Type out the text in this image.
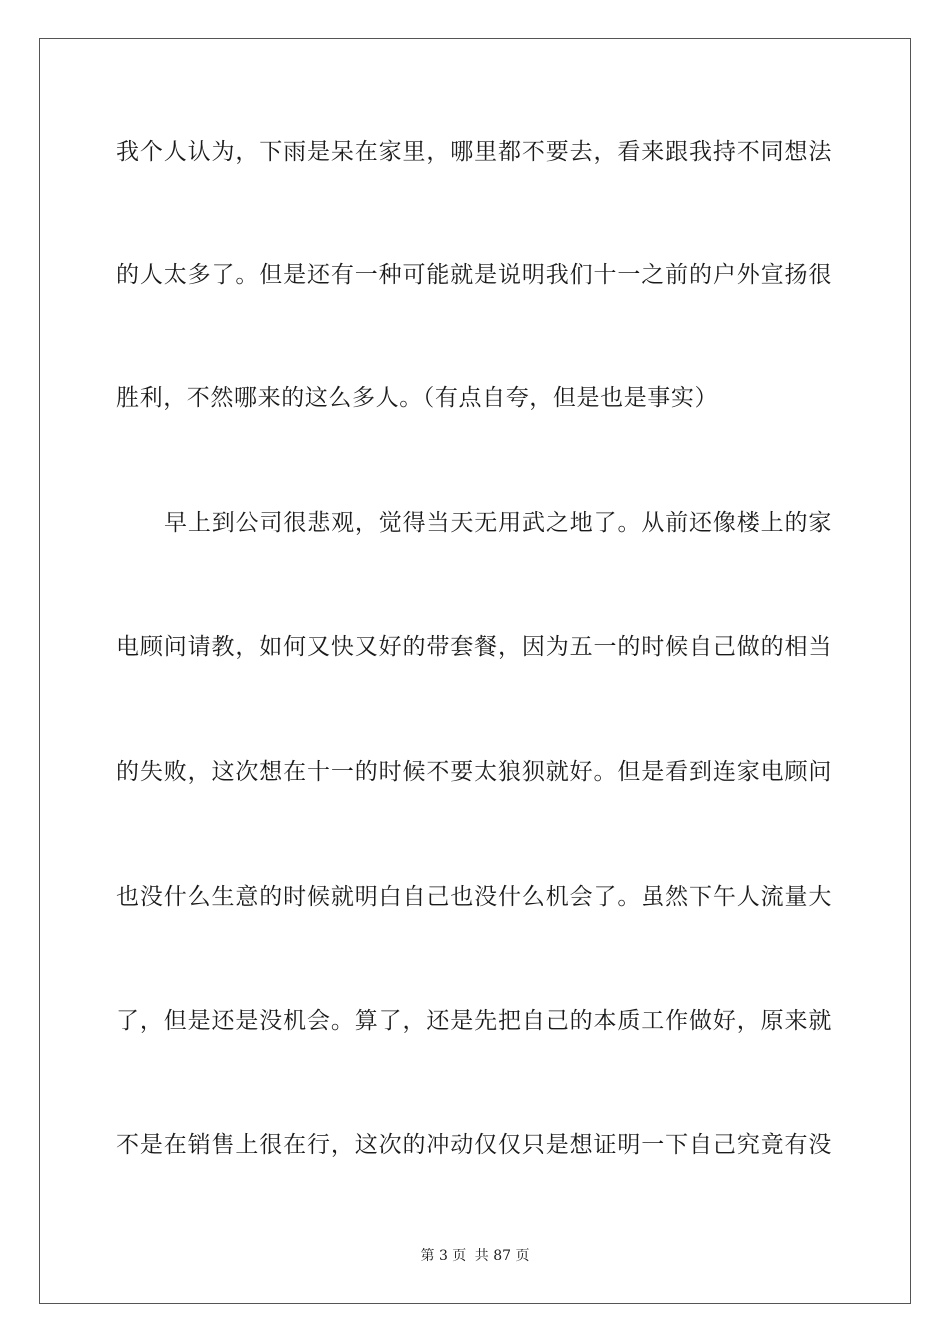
我个人认为，下雨是呆在家里，哪里都不要去，看来跟我持不同想法
的人太多了。但是还有一种可能就是说明我们十一之前的户外宣扬很
胜利，不然哪来的这么多人。（有点自夸，但是也是事实）
早上到公司很悲观，觉得当天无用武之地了。从前还像楼上的家
电顾问请教，如何又快又好的带套餐，因为五一的时候自己做的相当
的失败，这次想在十一的时候不要太狼狈就好。但是看到连家电顾问
也没什么生意的时候就明白自己也没什么机会了。虽然下午人流量大
了，但是还是没机会。算了，还是先把自己的本质工作做好，原来就
不是在销售上很在行，这次的冲动仅仅只是想证明一下自己究竟有没
第 3 页 共 87 页
